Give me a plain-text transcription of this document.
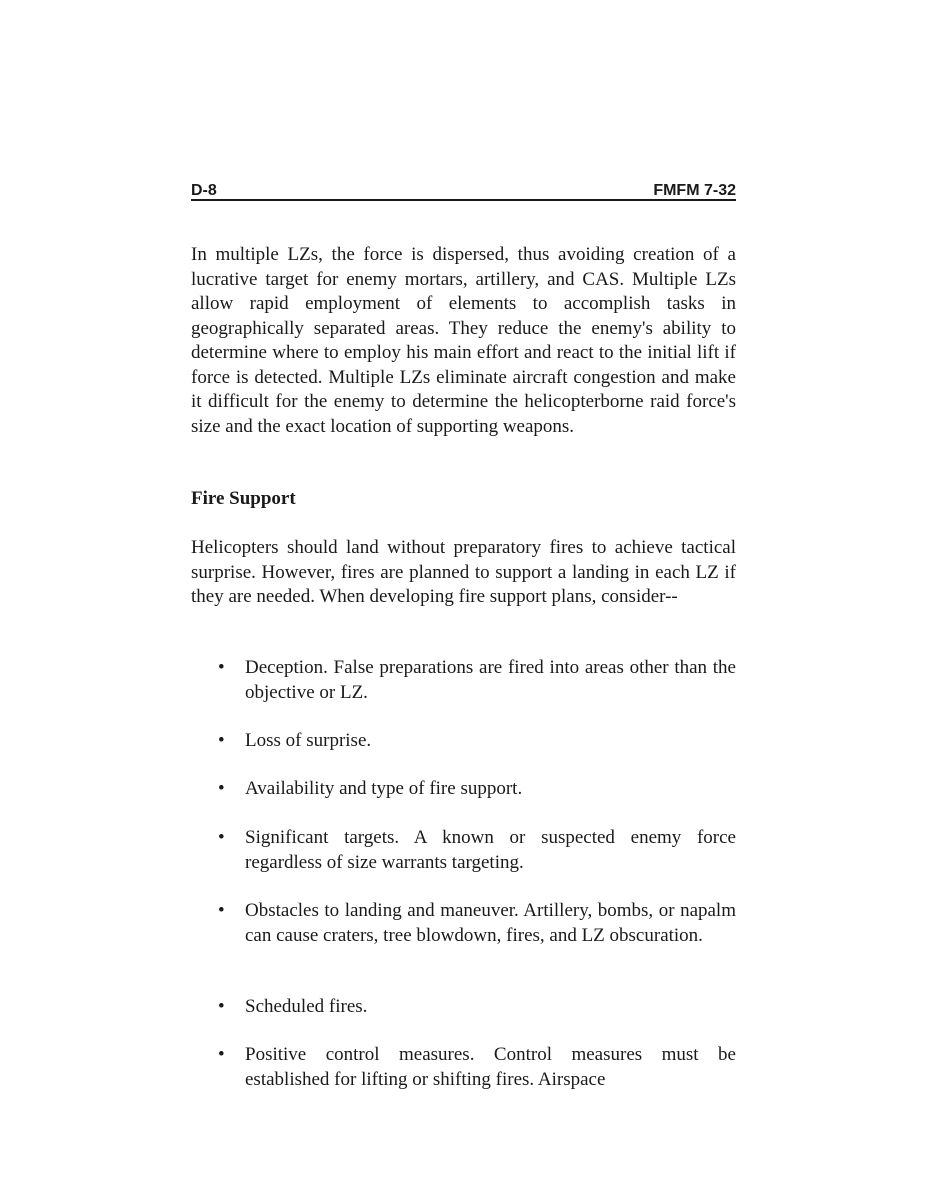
D-8	FMFM 7-32

In multiple LZs, the force is dispersed, thus avoiding creation of a lucrative target for enemy mortars, artillery, and CAS. Multiple LZs allow rapid employment of elements to accomplish tasks in geographically separated areas. They reduce the enemy's ability to determine where to employ his main effort and react to the initial lift if force is detected. Multiple LZs eliminate aircraft congestion and make it difficult for the enemy to determine the helicopterborne raid force's size and the exact location of supporting weapons.

Fire Support

Helicopters should land without preparatory fires to achieve tactical surprise. However, fires are planned to support a landing in each LZ if they are needed. When developing fire support plans, consider--

• Deception. False preparations are fired into areas other than the objective or LZ.
• Loss of surprise.
• Availability and type of fire support.
• Significant targets. A known or suspected enemy force regardless of size warrants targeting.
• Obstacles to landing and maneuver. Artillery, bombs, or napalm can cause craters, tree blowdown, fires, and LZ obscuration.
• Scheduled fires.
• Positive control measures. Control measures must be established for lifting or shifting fires. Airspace
